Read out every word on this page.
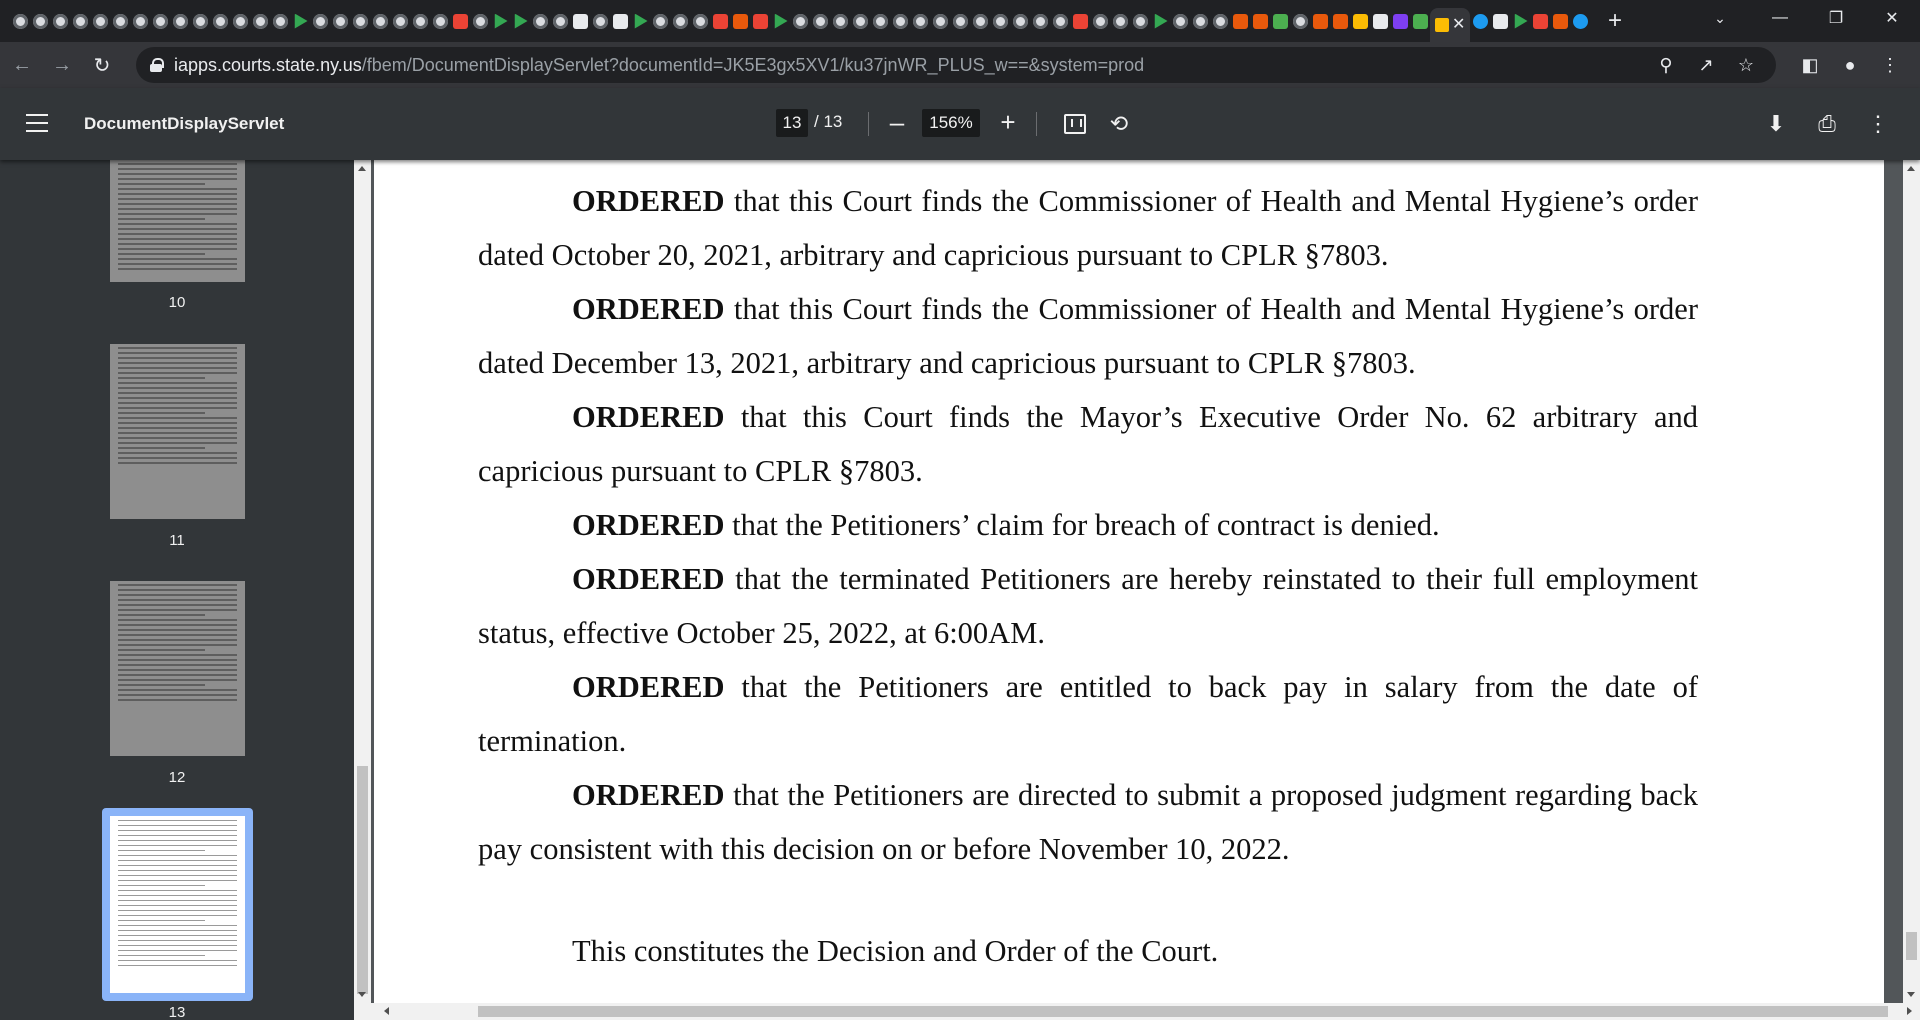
✕	+	⌄	—	❐	✕
←	→	↻	iapps.courts.state.ny.us/fbem/DocumentDisplayServlet?documentId=JK5E3gx5XV1/ku37jnWR_PLUS_w==&system=prod	⚲	↗	☆	◧	●	⋮
DocumentDisplayServlet	13 / 13 –	156% +	⟲	⬇ ⎙ ⋮
10
11
12
13
ORDERED that this Court finds the Commissioner of Health and Mental Hygiene’s order dated October 20, 2021, arbitrary and capricious pursuant to CPLR §7803.
ORDERED that this Court finds the Commissioner of Health and Mental Hygiene’s order dated December 13, 2021, arbitrary and capricious pursuant to CPLR §7803.
ORDERED that this Court finds the Mayor’s Executive Order No. 62 arbitrary and capricious pursuant to CPLR §7803.
ORDERED that the Petitioners’ claim for breach of contract is denied.
ORDERED that the terminated Petitioners are hereby reinstated to their full employment status, effective October 25, 2022, at 6:00AM.
ORDERED that the Petitioners are entitled to back pay in salary from the date of termination.
ORDERED that the Petitioners are directed to submit a proposed judgment regarding back pay consistent with this decision on or before November 10, 2022.
This constitutes the Decision and Order of the Court.
